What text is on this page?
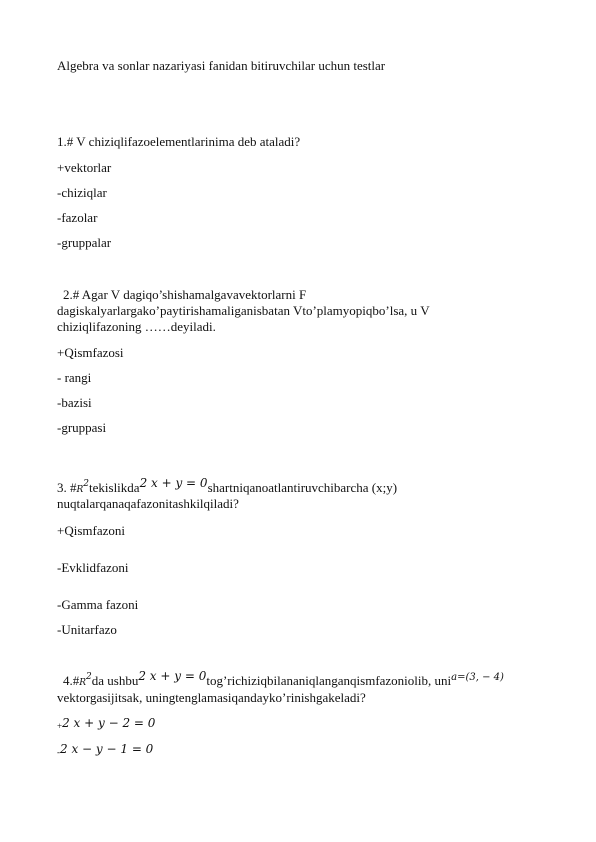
Algebra va sonlar nazariyasi fanidan bitiruvchilar uchun testlar
1.# V chiziqlifazoelementlarinima deb ataladi?
+vektorlar
-chiziqlar
-fazolar
-gruppalar
2.# Agar V dagiqo’shishamalgavavektorlarni F
dagiskalyarlargako’paytirishamaliganisbatan Vto’plamyopiqbo’lsa, u V
chiziqlifazoning ……deyiladi.
+Qismfazosi
- rangi
-bazisi
-gruppasi
3. $\#R^2tekislikda2$ x + y = 0shartniqanoatlantiruvchibarcha (x;y)
nuqtalarqanaqafazonitashkilqiladi?
+Qismfazoni
-Evklidfazoni
-Gamma fazoni
-Unitarfazo
$4.\#R^2da$ ushbu2 x + y = 0tog’richiziqbilananiqlanganqismfazoniolib, uni$^{a=(3, - 4)}$
vektorgasijitsak, uningtenglamasiqandayko’rinishgakeladi?
+2 x + y − 2 = 0
-2 x − y − 1 = 0
